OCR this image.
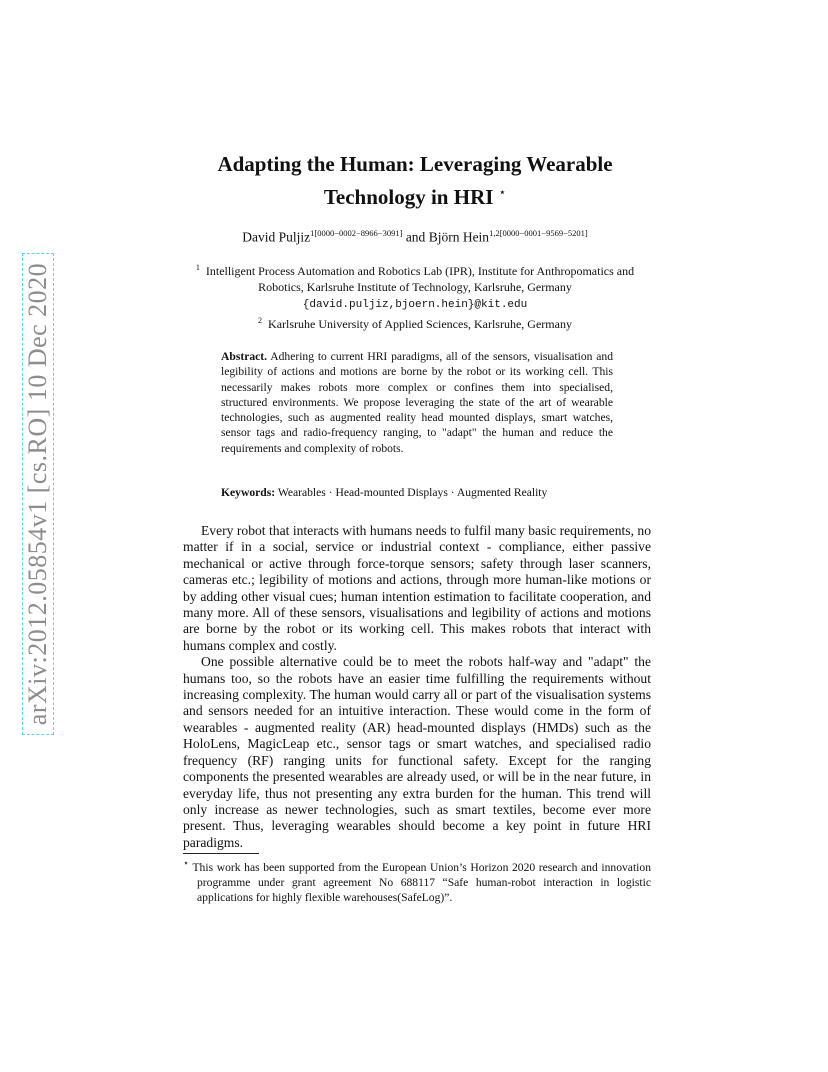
arXiv:2012.05854v1 [cs.RO] 10 Dec 2020
Adapting the Human: Leveraging Wearable
Technology in HRI ⋆
David Puljiz$^{1[0000-0002-8966-3091]}$ and Björn Hein$^{1,2[0000-0001-9569-5201]}$
$^1$ Intelligent Process Automation and Robotics Lab (IPR), Institute for Anthropomatics and Robotics, Karlsruhe Institute of Technology, Karlsruhe, Germany {david.puljiz,bjoern.hein}@kit.edu
$^2$ Karlsruhe University of Applied Sciences, Karlsruhe, Germany
Abstract. Adhering to current HRI paradigms, all of the sensors, visualisation and legibility of actions and motions are borne by the robot or its working cell. This necessarily makes robots more complex or confines them into specialised, structured environments. We propose leveraging the state of the art of wearable technologies, such as augmented reality head mounted displays, smart watches, sensor tags and radio-frequency ranging, to "adapt" the human and reduce the requirements and complexity of robots.
Keywords: Wearables · Head-mounted Displays · Augmented Reality

Every robot that interacts with humans needs to fulfil many basic requirements, no matter if in a social, service or industrial context - compliance, either passive mechanical or active through force-torque sensors; safety through laser scanners, cameras etc.; legibility of motions and actions, through more human-like motions or by adding other visual cues; human intention estimation to facilitate cooperation, and many more. All of these sensors, visualisations and legibility of actions and motions are borne by the robot or its working cell. This makes robots that interact with humans complex and costly.

One possible alternative could be to meet the robots half-way and "adapt" the humans too, so the robots have an easier time fulfilling the requirements without increasing complexity. The human would carry all or part of the visualisation systems and sensors needed for an intuitive interaction. These would come in the form of wearables - augmented reality (AR) head-mounted displays (HMDs) such as the HoloLens, MagicLeap etc., sensor tags or smart watches, and specialised radio frequency (RF) ranging units for functional safety. Except for the ranging components the presented wearables are already used, or will be in the near future, in everyday life, thus not presenting any extra burden for the human. This trend will only increase as newer technologies, such as smart textiles, become ever more present. Thus, leveraging wearables should become a key point in future HRI paradigms.

⋆ This work has been supported from the European Union’s Horizon 2020 research and innovation programme under grant agreement No 688117 “Safe human-robot interaction in logistic applications for highly flexible warehouses(SafeLog)”.
